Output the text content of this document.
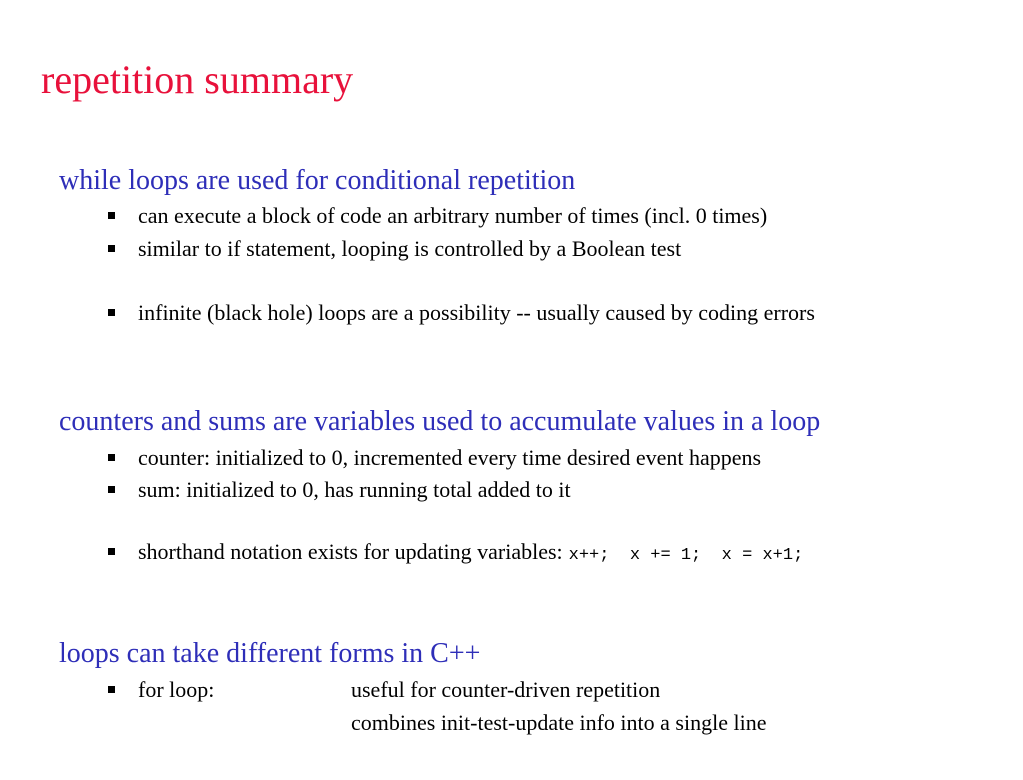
repetition summary
while loops are used for conditional repetition
can execute a block of code an arbitrary number of times (incl. 0 times)
similar to if statement, looping is controlled by a Boolean test
infinite (black hole) loops are a possibility -- usually caused by coding errors
counters and sums are variables used to accumulate values in a loop
counter: initialized to 0, incremented every time desired event happens
sum: initialized to 0, has running total added to it
shorthand notation exists for updating variables: x++;  x += 1;  x = x+1;
loops can take different forms in C++
for loop:	useful for counter-driven repetition
combines init-test-update info into a single line
